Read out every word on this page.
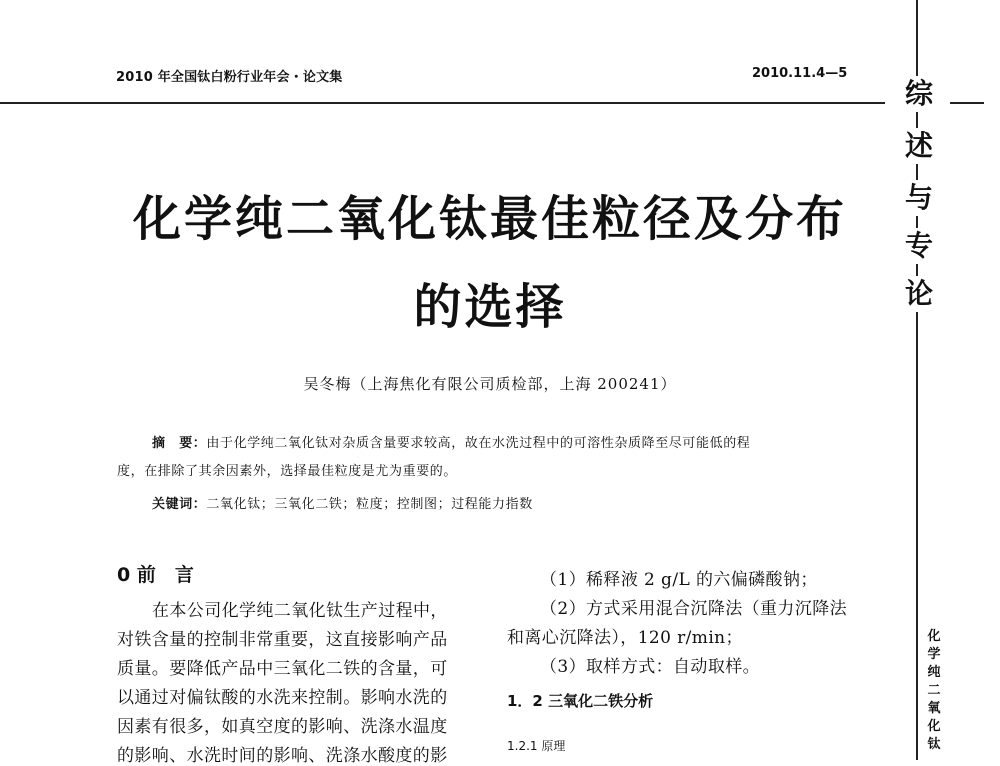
2010 年全国钛白粉行业年会・论文集	2010.11.4—5
综
述
与
专
论
化
学
纯
二
氧
化
钛
化学纯二氧化钛最佳粒径及分布
的选择
吴冬梅（上海焦化有限公司质检部，上海 200241）
摘　要：由于化学纯二氧化钛对杂质含量要求较高，故在水洗过程中的可溶性杂质降至尽可能低的程
度，在排除了其余因素外，选择最佳粒度是尤为重要的。
关键词：二氧化钛；三氧化二铁；粒度；控制图；过程能力指数
0 前　言
在本公司化学纯二氧化钛生产过程中，
对铁含量的控制非常重要，这直接影响产品
质量。要降低产品中三氧化二铁的含量，可
以通过对偏钛酸的水洗来控制。影响水洗的
因素有很多，如真空度的影响、洗涤水温度
的影响、水洗时间的影响、洗涤水酸度的影
（1）稀释液 2 g/L 的六偏磷酸钠；
（2）方式采用混合沉降法（重力沉降法
和离心沉降法），120 r/min；
（3）取样方式：自动取样。
1．2 三氧化二铁分析
1.2.1 原理
